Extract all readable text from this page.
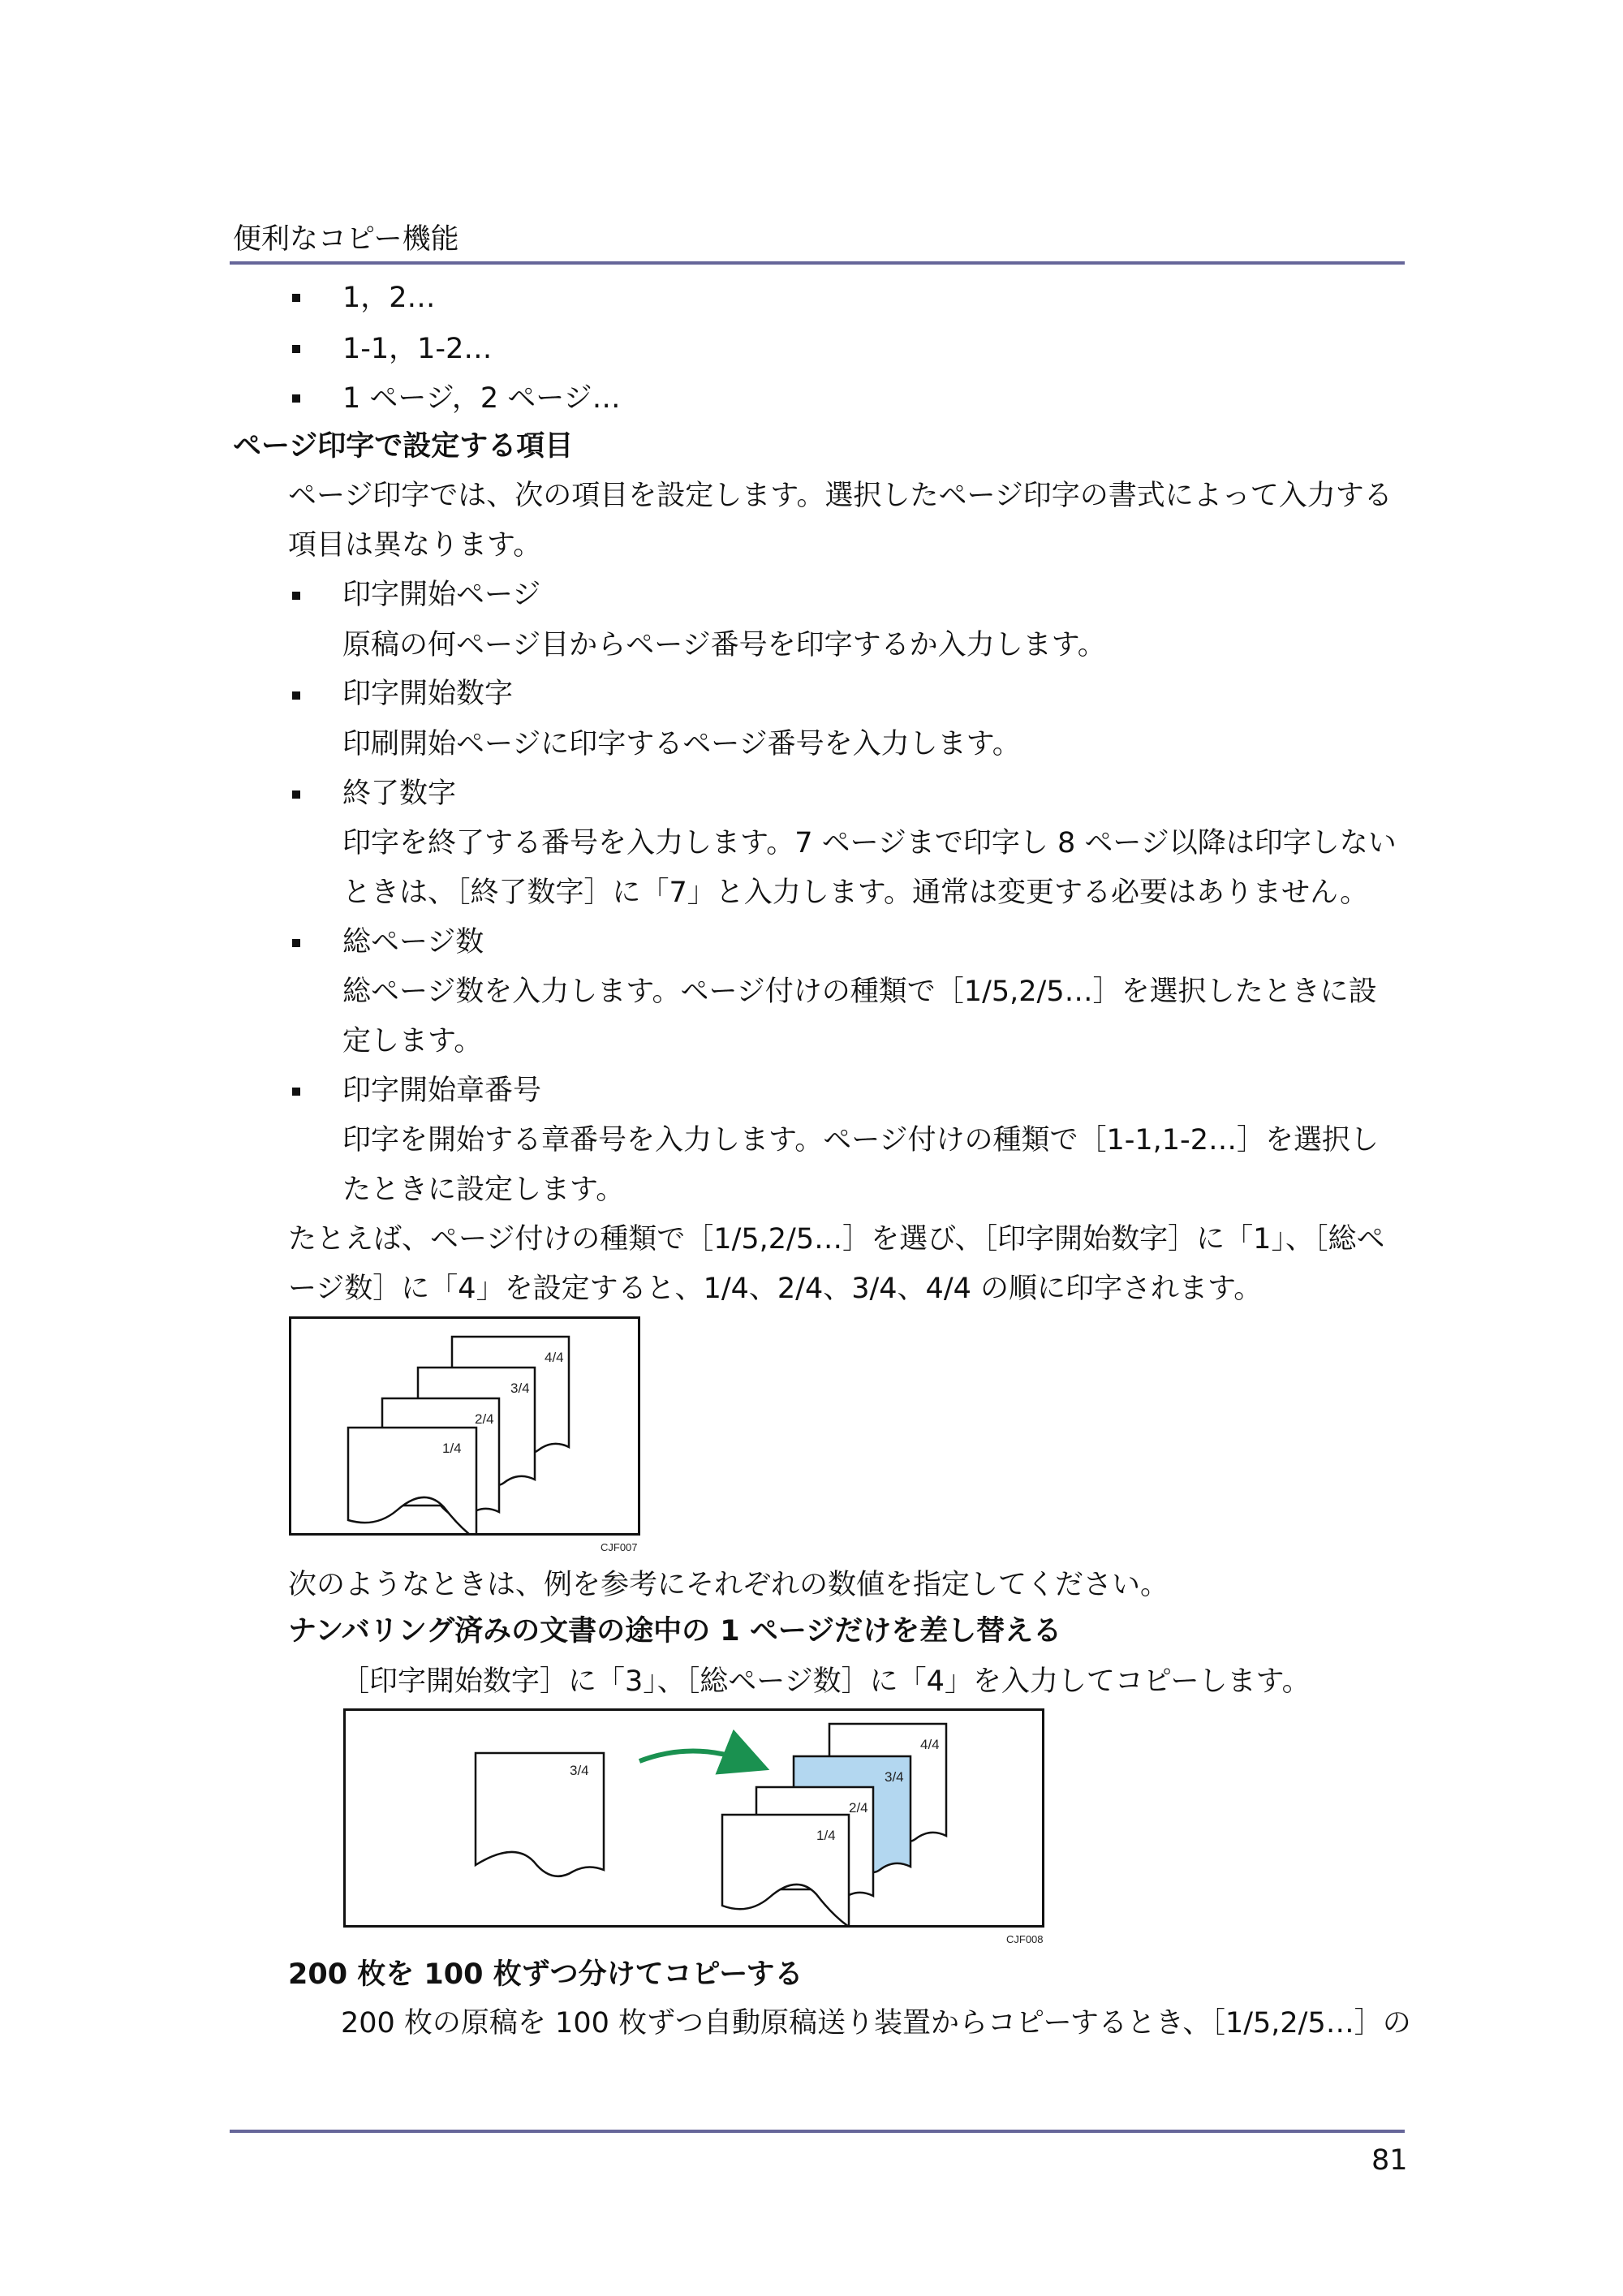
便利なコピー機能
1，2…
1-1，1-2…
1 ページ，2 ページ…
ページ印字で設定する項目
ページ印字では、次の項目を設定します。選択したページ印字の書式によって入力する
項目は異なります。
印字開始ページ
原稿の何ページ目からページ番号を印字するか入力します。
印字開始数字
印刷開始ページに印字するページ番号を入力します。
終了数字
印字を終了する番号を入力します。7 ページまで印字し 8 ページ以降は印字しない
ときは、［終了数字］に「7」と入力します。通常は変更する必要はありません。
総ページ数
総ページ数を入力します。ページ付けの種類で［1/5,2/5…］を選択したときに設
定します。
印字開始章番号
印字を開始する章番号を入力します。ページ付けの種類で［1-1,1-2…］を選択し
たときに設定します。
たとえば、ページ付けの種類で［1/5,2/5…］を選び、［印字開始数字］に「1」、［総ペ
ージ数］に「4」を設定すると、1/4、2/4、3/4、4/4 の順に印字されます。
4/4
3/4
2/4
1/4
CJF007
次のようなときは、例を参考にそれぞれの数値を指定してください。
ナンバリング済みの文書の途中の 1 ページだけを差し替える
［印字開始数字］に「3」、［総ページ数］に「4」を入力してコピーします。
3/4
4/4
3/4
2/4
1/4
CJF008
200 枚を 100 枚ずつ分けてコピーする
200 枚の原稿を 100 枚ずつ自動原稿送り装置からコピーするとき、［1/5,2/5…］の
81
